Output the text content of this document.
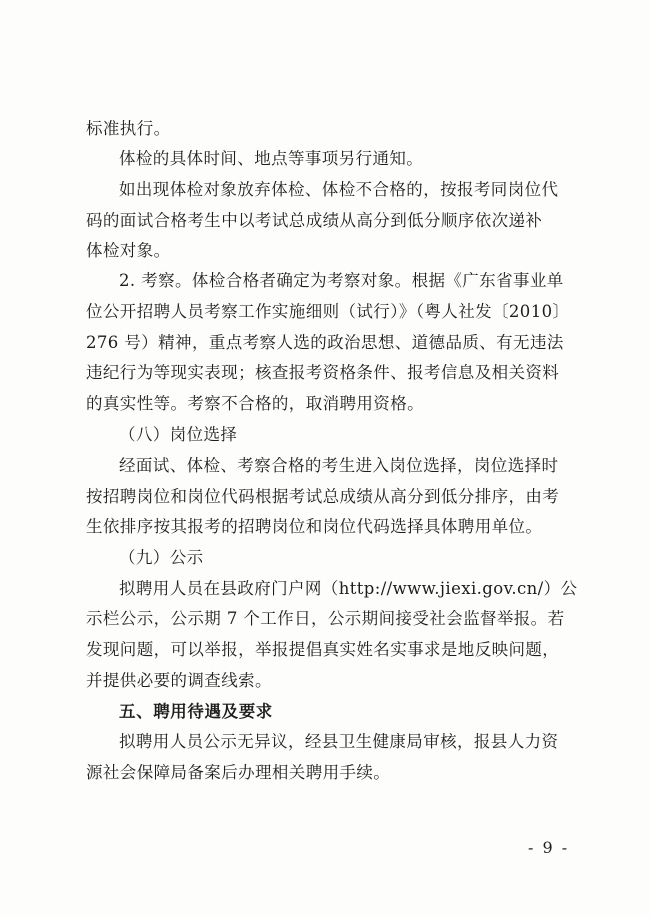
标准执行。
体检的具体时间、地点等事项另行通知。
如出现体检对象放弃体检、体检不合格的，按报考同岗位代
码的面试合格考生中以考试总成绩从高分到低分顺序依次递补
体检对象。
2. 考察。体检合格者确定为考察对象。根据《广东省事业单
位公开招聘人员考察工作实施细则（试行）》（粤人社发〔2010〕
276 号）精神，重点考察人选的政治思想、道德品质、有无违法
违纪行为等现实表现；核查报考资格条件、报考信息及相关资料
的真实性等。考察不合格的，取消聘用资格。
（八）岗位选择
经面试、体检、考察合格的考生进入岗位选择，岗位选择时
按招聘岗位和岗位代码根据考试总成绩从高分到低分排序，由考
生依排序按其报考的招聘岗位和岗位代码选择具体聘用单位。
（九）公示
拟聘用人员在县政府门户网（http://www.jiexi.gov.cn/）公
示栏公示，公示期 7 个工作日，公示期间接受社会监督举报。若
发现问题，可以举报，举报提倡真实姓名实事求是地反映问题，
并提供必要的调查线索。
五、聘用待遇及要求
拟聘用人员公示无异议，经县卫生健康局审核，报县人力资
源社会保障局备案后办理相关聘用手续。
- 9 -
